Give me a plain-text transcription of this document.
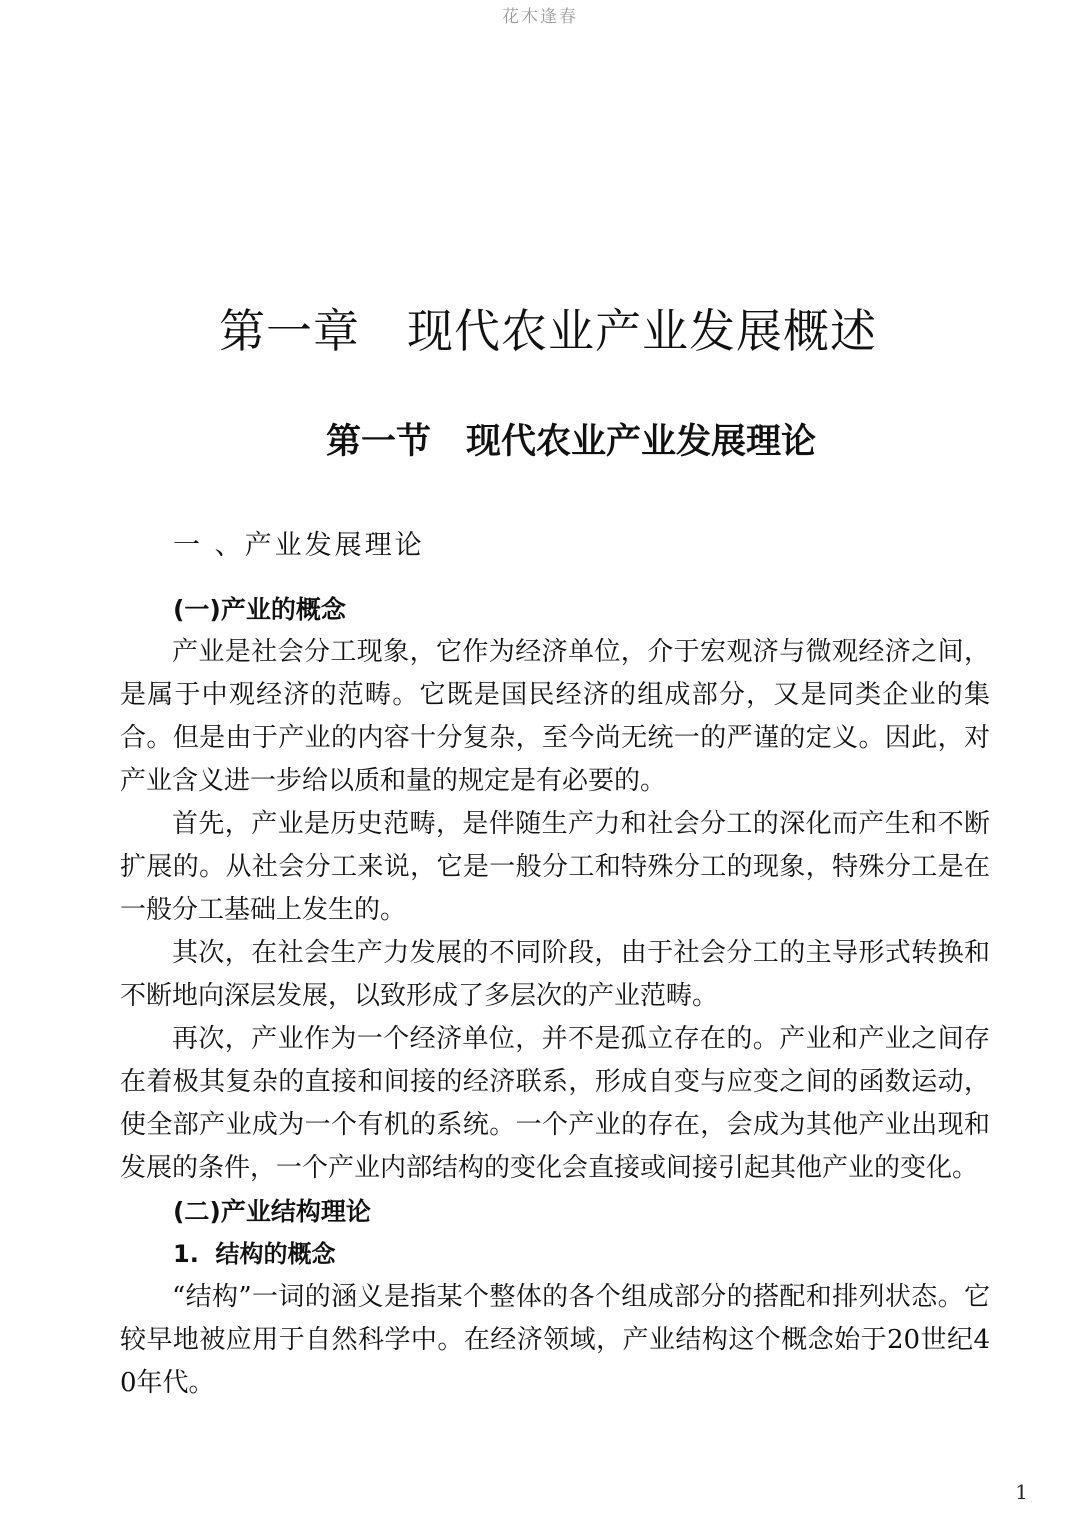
花木逢春
第一章　现代农业产业发展概述
第一节　现代农业产业发展理论
一 、产业发展理论
(一)产业的概念

产业是社会分工现象，它作为经济单位，介于宏观济与微观经济之间，是属于中观经济的范畴。它既是国民经济的组成部分，又是同类企业的集合。但是由于产业的内容十分复杂，至今尚无统一的严谨的定义。因此，对产业含义进一步给以质和量的规定是有必要的。

首先，产业是历史范畴，是伴随生产力和社会分工的深化而产生和不断扩展的。从社会分工来说，它是一般分工和特殊分工的现象，特殊分工是在一般分工基础上发生的。

其次，在社会生产力发展的不同阶段，由于社会分工的主导形式转换和不断地向深层发展，以致形成了多层次的产业范畴。

再次，产业作为一个经济单位，并不是孤立存在的。产业和产业之间存在着极其复杂的直接和间接的经济联系，形成自变与应变之间的函数运动，使全部产业成为一个有机的系统。一个产业的存在，会成为其他产业出现和发展的条件，一个产业内部结构的变化会直接或间接引起其他产业的变化。

(二)产业结构理论
1.  结构的概念

“结构”一词的涵义是指某个整体的各个组成部分的搭配和排列状态。它较早地被应用于自然科学中。在经济领域，产业结构这个概念始于20世纪40年代。

1
